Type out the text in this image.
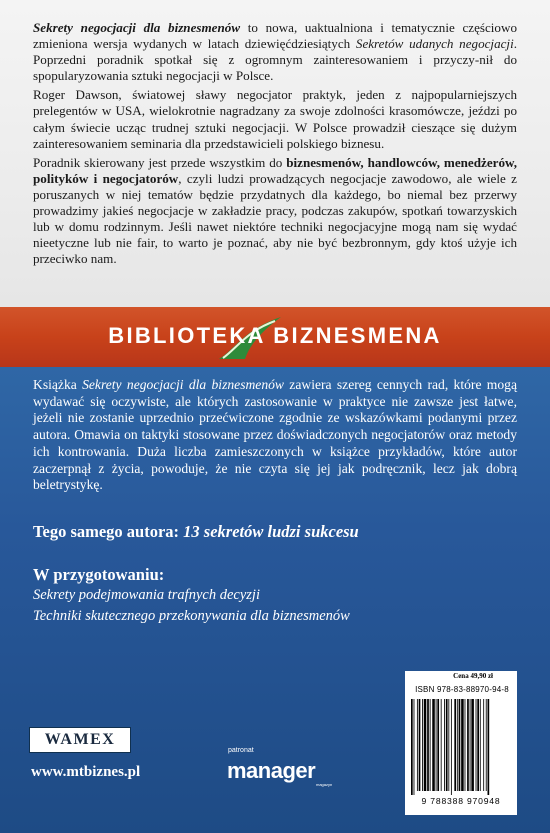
Sekrety negocjacji dla biznesmenów to nowa, uaktualniona i tematycznie częściowo zmieniona wersja wydanych w latach dziewięćdziesiątych Sekretów udanych negocjacji. Poprzedni poradnik spotkał się z ogromnym zainteresowaniem i przyczy-nił do spopularyzowania sztuki negocjacji w Polsce.

Roger Dawson, światowej sławy negocjator praktyk, jeden z najpopularniejszych prelegentów w USA, wielokrotnie nagradzany za swoje zdolności krasomówcze, jeździ po całym świecie ucząc trudnej sztuki negocjacji. W Polsce prowadził cieszące się dużym zainteresowaniem seminaria dla przedstawicieli polskiego biznesu.

Poradnik skierowany jest przede wszystkim do biznesmenów, handlowców, menedżerów, polityków i negocjatorów, czyli ludzi prowadzących negocjacje zawodowo, ale wiele z poruszanych w niej tematów będzie przydatnych dla każdego, bo niemal bez przerwy prowadzimy jakieś negocjacje w zakładzie pracy, podczas zakupów, spotkań towarzyskich lub w domu rodzinnym. Jeśli nawet niektóre techniki negocjacyjne mogą nam się wydać nieetyczne lub nie fair, to warto je poznać, aby nie być bezbronnym, gdy ktoś użyje ich przeciwko nam.

BIBLIOTEKA BIZNESMENA
Książka Sekrety negocjacji dla biznesmenów zawiera szereg cennych rad, które mogą wydawać się oczywiste, ale których zastosowanie w praktyce nie zawsze jest łatwe, jeżeli nie zostanie uprzednio przećwiczone zgodnie ze wskazówkami podanymi przez autora. Omawia on taktyki stosowane przez doświadczonych negocjatorów oraz metody ich kontrowania. Duża liczba zamieszczonych w książce przykładów, które autor zaczerpnął z życia, powoduje, że nie czyta się jej jak podręcznik, lecz jak dobrą beletrystykę.
Tego samego autora: 13 sekretów ludzi sukcesu
W przygotowaniu:
Sekrety podejmowania trafnych decyzji
Techniki skutecznego przekonywania dla biznesmenów
WAMEX
www.mtbiznes.pl
patronat
manager
magazyn
Cena 49,90 zł
ISBN 978-83-88970-94-8
9 788388 970948
